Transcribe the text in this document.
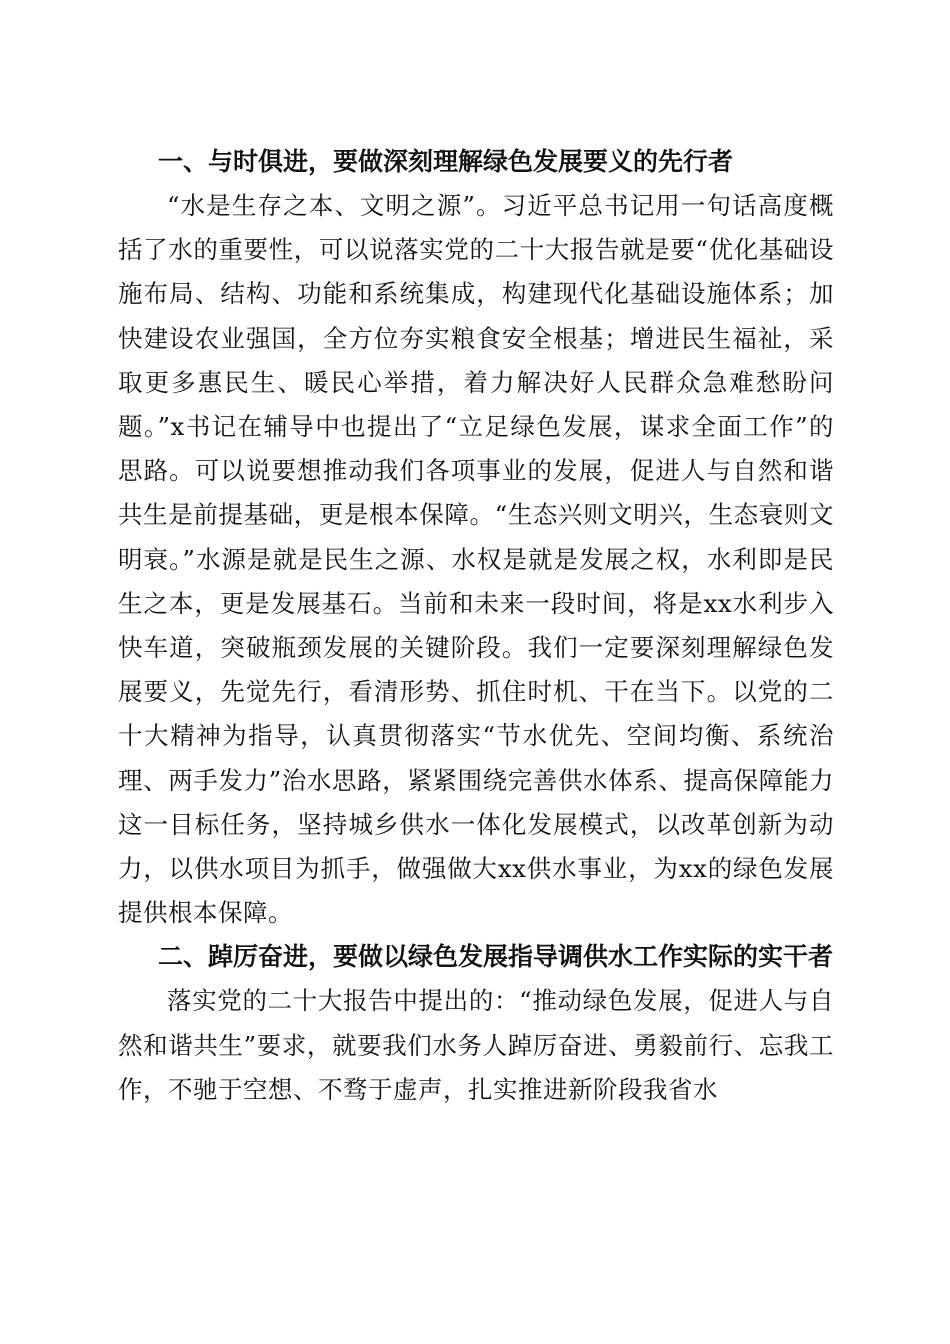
一、与时俱进，要做深刻理解绿色发展要义的先行者

“水是生存之本、文明之源”。习近平总书记用一句话高度概括了水的重要性，可以说落实党的二十大报告就是要“优化基础设施布局、结构、功能和系统集成，构建现代化基础设施体系；加快建设农业强国，全方位夯实粮食安全根基；增进民生福祉，采取更多惠民生、暖民心举措，着力解决好人民群众急难愁盼问题。”x书记在辅导中也提出了“立足绿色发展，谋求全面工作”的思路。可以说要想推动我们各项事业的发展，促进人与自然和谐共生是前提基础，更是根本保障。“生态兴则文明兴，生态衰则文明衰。”水源是就是民生之源、水权是就是发展之权，水利即是民生之本，更是发展基石。当前和未来一段时间，将是xx水利步入快车道，突破瓶颈发展的关键阶段。我们一定要深刻理解绿色发展要义，先觉先行，看清形势、抓住时机、干在当下。以党的二十大精神为指导，认真贯彻落实“节水优先、空间均衡、系统治理、两手发力”治水思路，紧紧围绕完善供水体系、提高保障能力这一目标任务，坚持城乡供水一体化发展模式，以改革创新为动力，以供水项目为抓手，做强做大xx供水事业，为xx的绿色发展提供根本保障。

二、踔厉奋进，要做以绿色发展指导调供水工作实际的实干者

落实党的二十大报告中提出的：“推动绿色发展，促进人与自然和谐共生”要求，就要我们水务人踔厉奋进、勇毅前行、忘我工作，不驰于空想、不骛于虚声，扎实推进新阶段我省水
